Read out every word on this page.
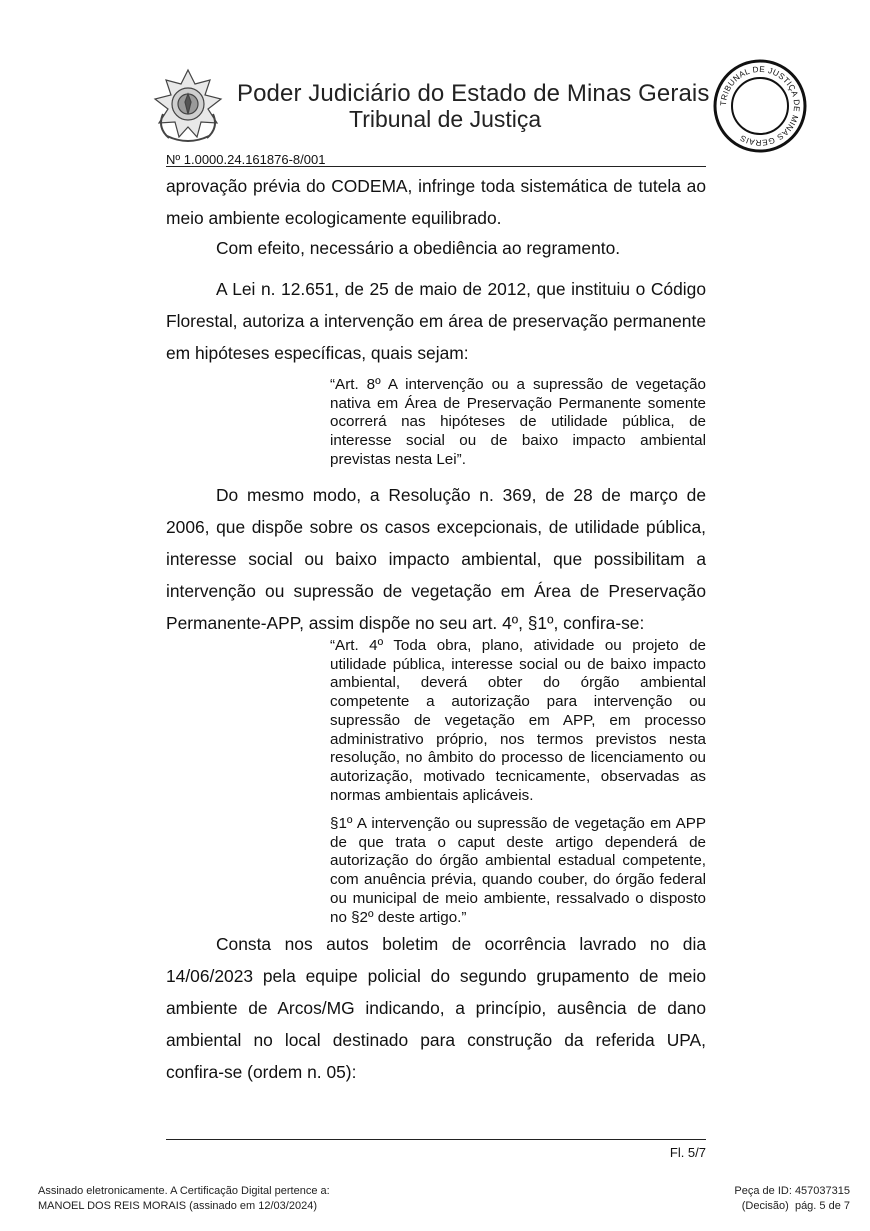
Poder Judiciário do Estado de Minas Gerais
Tribunal de Justiça
TRIBUNAL DE JUSTIÇA DE MINAS GERAIS
Nº 1.0000.24.161876-8/001

aprovação prévia do CODEMA, infringe toda sistemática de tutela ao meio ambiente ecologicamente equilibrado.

Com efeito, necessário a obediência ao regramento.

A Lei n. 12.651, de 25 de maio de 2012, que instituiu o Código Florestal, autoriza a intervenção em área de preservação permanente em hipóteses específicas, quais sejam:

“Art. 8º A intervenção ou a supressão de vegetação nativa em Área de Preservação Permanente somente ocorrerá nas hipóteses de utilidade pública, de interesse social ou de baixo impacto ambiental previstas nesta Lei”.

Do mesmo modo, a Resolução n. 369, de 28 de março de 2006, que dispõe sobre os casos excepcionais, de utilidade pública, interesse social ou baixo impacto ambiental, que possibilitam a intervenção ou supressão de vegetação em Área de Preservação Permanente-APP, assim dispõe no seu art. 4º, §1º, confira-se:

“Art. 4º Toda obra, plano, atividade ou projeto de utilidade pública, interesse social ou de baixo impacto ambiental, deverá obter do órgão ambiental competente a autorização para intervenção ou supressão de vegetação em APP, em processo administrativo próprio, nos termos previstos nesta resolução, no âmbito do processo de licenciamento ou autorização, motivado tecnicamente, observadas as normas ambientais aplicáveis.

§1º A intervenção ou supressão de vegetação em APP de que trata o caput deste artigo dependerá de autorização do órgão ambiental estadual competente, com anuência prévia, quando couber, do órgão federal ou municipal de meio ambiente, ressalvado o disposto no §2º deste artigo.”

Consta nos autos boletim de ocorrência lavrado no dia 14/06/2023 pela equipe policial do segundo grupamento de meio ambiente de Arcos/MG indicando, a princípio, ausência de dano ambiental no local destinado para construção da referida UPA, confira-se (ordem n. 05):

Fl. 5/7
Assinado eletronicamente. A Certificação Digital pertence a:
MANOEL DOS REIS MORAIS (assinado em 12/03/2024)
Peça de ID: 457037315
(Decisão)  pág. 5 de 7
